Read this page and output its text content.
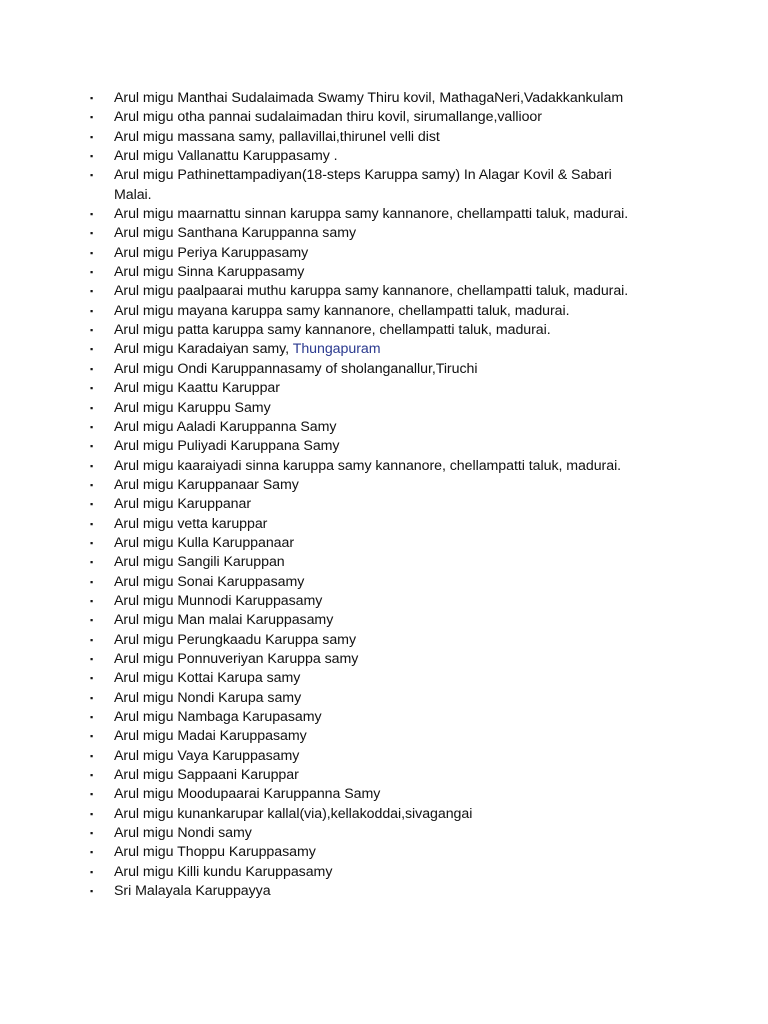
▪ Arul migu Manthai Sudalaimada Swamy Thiru kovil, MathagaNeri,Vadakkankulam
▪ Arul migu otha pannai sudalaimadan thiru kovil, sirumallange,vallioor
▪ Arul migu massana samy, pallavillai,thirunel velli dist
▪ Arul migu Vallanattu Karuppasamy .
▪ Arul migu Pathinettampadiyan(18-steps Karuppa samy) In Alagar Kovil & Sabari
Malai.
▪ Arul migu maarnattu sinnan karuppa samy kannanore, chellampatti taluk, madurai.
▪ Arul migu Santhana Karuppanna samy
▪ Arul migu Periya Karuppasamy
▪ Arul migu Sinna Karuppasamy
▪ Arul migu paalpaarai muthu karuppa samy kannanore, chellampatti taluk, madurai.
▪ Arul migu mayana karuppa samy kannanore, chellampatti taluk, madurai.
▪ Arul migu patta karuppa samy kannanore, chellampatti taluk, madurai.
▪ Arul migu Karadaiyan samy, Thungapuram
▪ Arul migu Ondi Karuppannasamy of sholanganallur,Tiruchi
▪ Arul migu Kaattu Karuppar
▪ Arul migu Karuppu Samy
▪ Arul migu Aaladi Karuppanna Samy
▪ Arul migu Puliyadi Karuppana Samy
▪ Arul migu kaaraiyadi sinna karuppa samy kannanore, chellampatti taluk, madurai.
▪ Arul migu Karuppanaar Samy
▪ Arul migu Karuppanar
▪ Arul migu vetta karuppar
▪ Arul migu Kulla Karuppanaar
▪ Arul migu Sangili Karuppan
▪ Arul migu Sonai Karuppasamy
▪ Arul migu Munnodi Karuppasamy
▪ Arul migu Man malai Karuppasamy
▪ Arul migu Perungkaadu Karuppa samy
▪ Arul migu Ponnuveriyan Karuppa samy
▪ Arul migu Kottai Karupa samy
▪ Arul migu Nondi Karupa samy
▪ Arul migu Nambaga Karupasamy
▪ Arul migu Madai Karuppasamy
▪ Arul migu Vaya Karuppasamy
▪ Arul migu Sappaani Karuppar
▪ Arul migu Moodupaarai Karuppanna Samy
▪ Arul migu kunankarupar kallal(via),kellakoddai,sivagangai
▪ Arul migu Nondi samy
▪ Arul migu Thoppu Karuppasamy
▪ Arul migu Killi kundu Karuppasamy
▪ Sri Malayala Karuppayya
